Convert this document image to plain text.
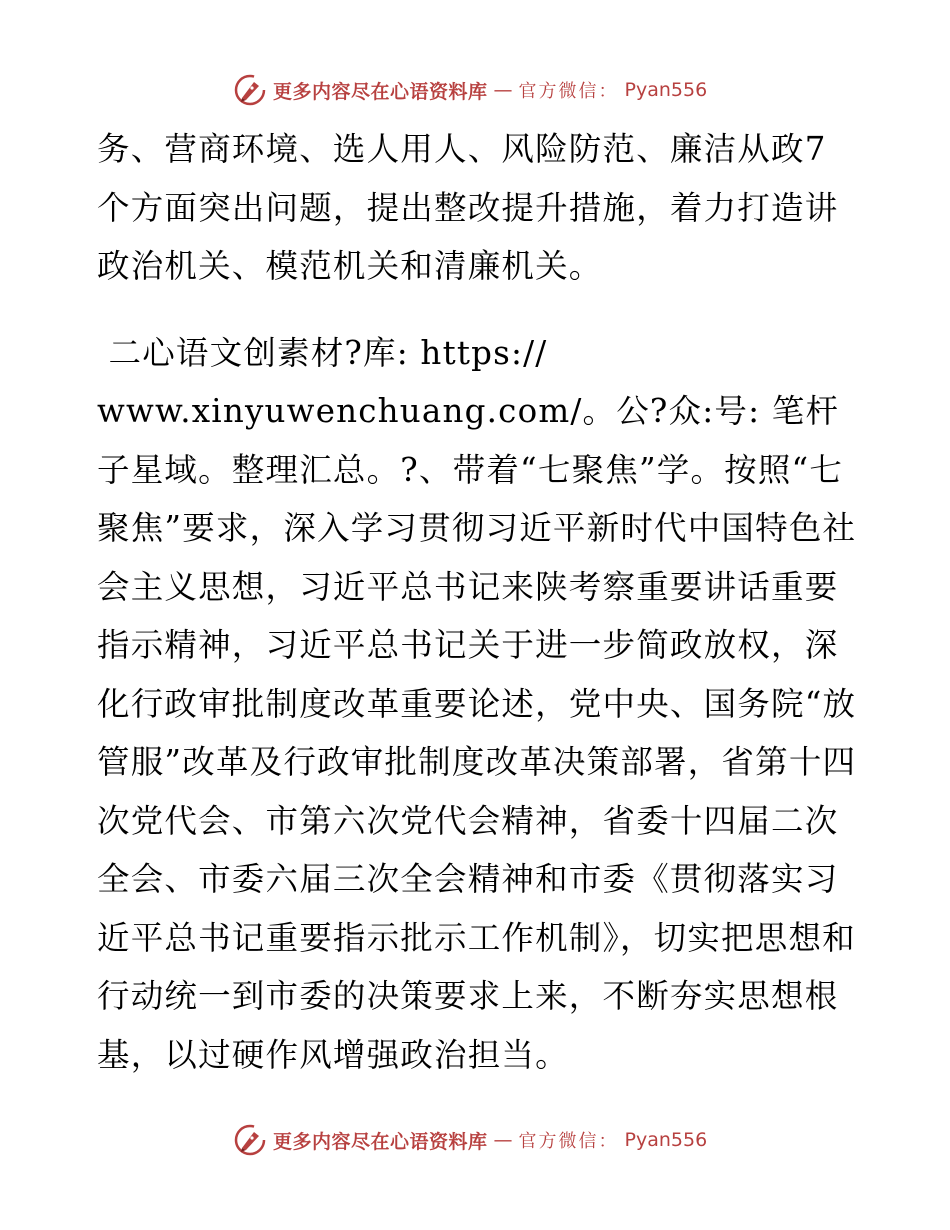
更多内容尽在心语资料库 — 官方微信： Pyan556

务、营商环境、选人用人、风险防范、廉洁从政7个方面突出问题，提出整改提升措施，着力打造讲政治机关、模范机关和清廉机关。

二心语文创素材?库: https://
www.xinyuwenchuang.com/。公?众:号: 笔杆子星域。整理汇总。?、带着“七聚焦”学。按照“七聚焦”要求，深入学习贯彻习近平新时代中国特色社会主义思想，习近平总书记来陕考察重要讲话重要指示精神，习近平总书记关于进一步简政放权，深化行政审批制度改革重要论述，党中央、国务院“放管服”改革及行政审批制度改革决策部署，省第十四次党代会、市第六次党代会精神，省委十四届二次全会、市委六届三次全会精神和市委《贯彻落实习近平总书记重要指示批示工作机制》，切实把思想和行动统一到市委的决策要求上来，不断夯实思想根基，以过硬作风增强政治担当。

更多内容尽在心语资料库 — 官方微信： Pyan556
